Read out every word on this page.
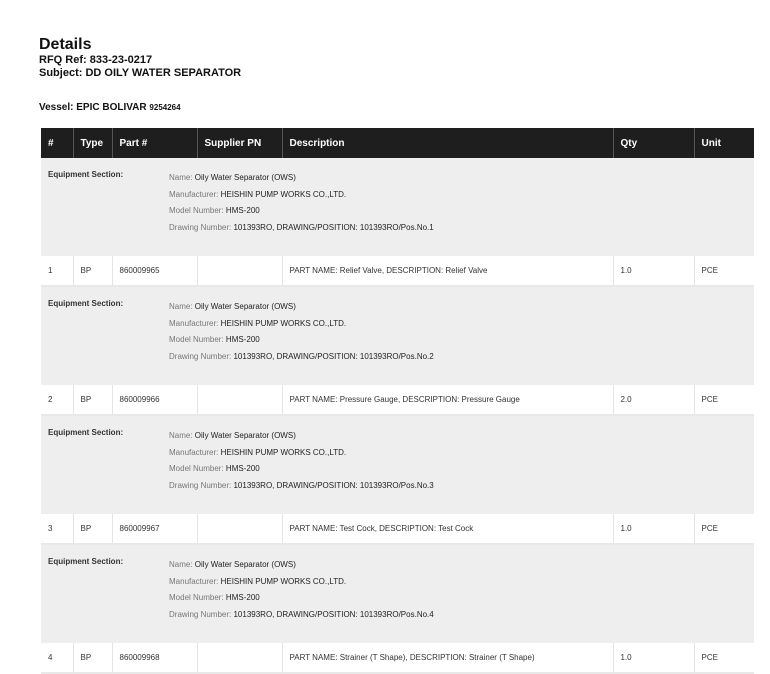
Details
RFQ Ref: 833-23-0217
Subject: DD OILY WATER SEPARATOR
Vessel: EPIC BOLIVAR 9254264
#	Type	Part #	Supplier PN	Description	Qty	Unit

Equipment Section: Name: Oily Water Separator (OWS)
Manufacturer: HEISHIN PUMP WORKS CO.,LTD.
Model Number: HMS-200
Drawing Number: 101393RO, DRAWING/POSITION: 101393RO/Pos.No.1						

1	BP	860009965		PART NAME: Relief Valve, DESCRIPTION: Relief Valve	1.0	PCE

Equipment Section: Name: Oily Water Separator (OWS)
Manufacturer: HEISHIN PUMP WORKS CO.,LTD.
Model Number: HMS-200
Drawing Number: 101393RO, DRAWING/POSITION: 101393RO/Pos.No.2						

2	BP	860009966		PART NAME: Pressure Gauge, DESCRIPTION: Pressure Gauge	2.0	PCE

Equipment Section: Name: Oily Water Separator (OWS)
Manufacturer: HEISHIN PUMP WORKS CO.,LTD.
Model Number: HMS-200
Drawing Number: 101393RO, DRAWING/POSITION: 101393RO/Pos.No.3						

3	BP	860009967		PART NAME: Test Cock, DESCRIPTION: Test Cock	1.0	PCE

Equipment Section: Name: Oily Water Separator (OWS)
Manufacturer: HEISHIN PUMP WORKS CO.,LTD.
Model Number: HMS-200
Drawing Number: 101393RO, DRAWING/POSITION: 101393RO/Pos.No.4						

4	BP	860009968		PART NAME: Strainer (T Shape), DESCRIPTION: Strainer (T Shape)	1.0	PCE
